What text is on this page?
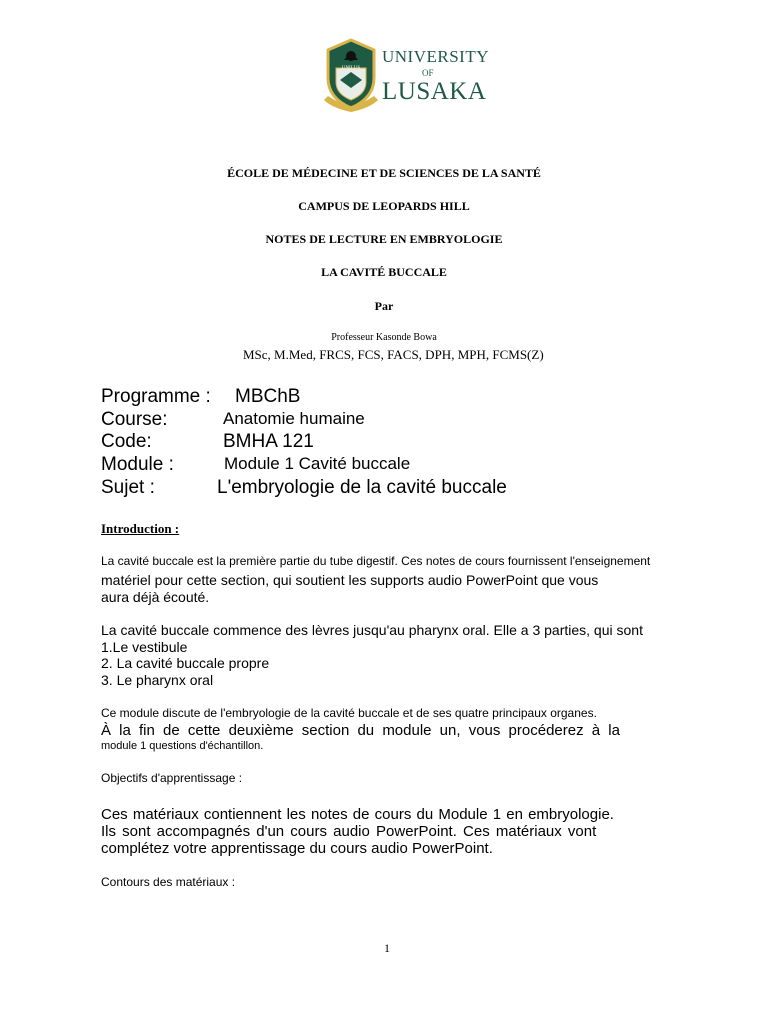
UNILUS
UNIVERSITY
OF
LUSAKA
ÉCOLE DE MÉDECINE ET DE SCIENCES DE LA SANTÉ
CAMPUS DE LEOPARDS HILL
NOTES DE LECTURE EN EMBRYOLOGIE
LA CAVITÉ BUCCALE
Par
Professeur Kasonde Bowa
MSc, M.Med, FRCS, FCS, FACS, DPH, MPH, FCMS(Z)
Programme : MBChB
Course:	Anatomie humaine
Code:	BMHA 121
Module :	Module 1 Cavité buccale
Sujet :	L'embryologie de la cavité buccale
Introduction :
La cavité buccale est la première partie du tube digestif. Ces notes de cours fournissent l'enseignement
matériel pour cette section, qui soutient les supports audio PowerPoint que vous
aura déjà écouté.
La cavité buccale commence des lèvres jusqu'au pharynx oral. Elle a 3 parties, qui sont
1.Le vestibule
2. La cavité buccale propre
3. Le pharynx oral
Ce module discute de l'embryologie de la cavité buccale et de ses quatre principaux organes.
À la fin de cette deuxième section du module un, vous procéderez à la
module 1 questions d'échantillon.
Objectifs d'apprentissage :
Ces matériaux contiennent les notes de cours du Module 1 en embryologie.
Ils sont accompagnés d'un cours audio PowerPoint. Ces matériaux vont
complétez votre apprentissage du cours audio PowerPoint.
Contours des matériaux :
1
